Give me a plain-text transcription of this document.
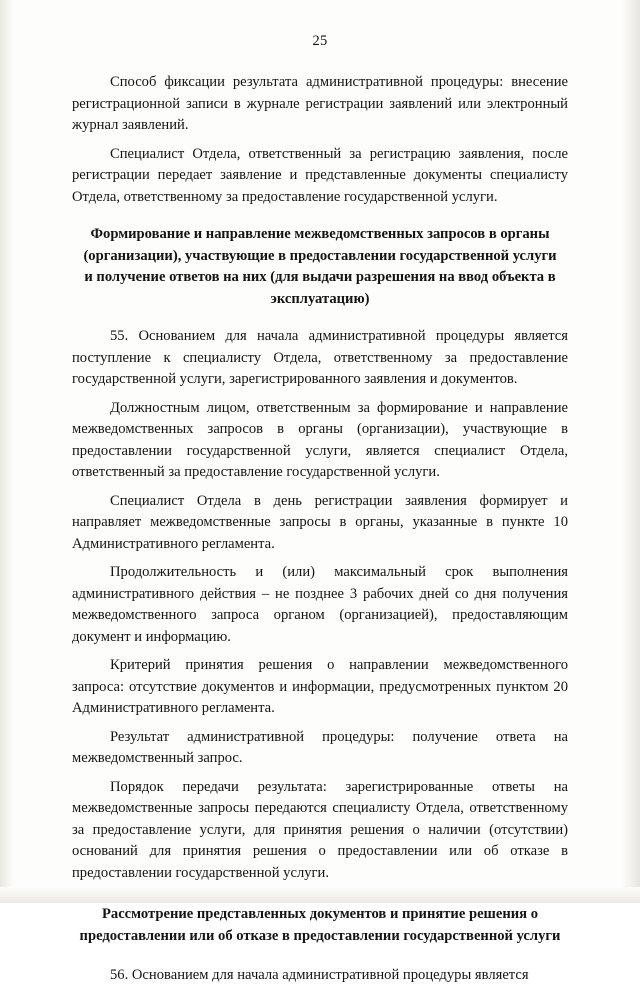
25

Способ фиксации результата административной процедуры: внесение регистрационной записи в журнале регистрации заявлений или электронный журнал заявлений.

Специалист Отдела, ответственный за регистрацию заявления, после регистрации передает заявление и представленные документы специалисту Отдела, ответственному за предоставление государственной услуги.

Формирование и направление межведомственных запросов в органы (организации), участвующие в предоставлении государственной услуги и получение ответов на них (для выдачи разрешения на ввод объекта в эксплуатацию)

55. Основанием для начала административной процедуры является поступление к специалисту Отдела, ответственному за предоставление государственной услуги, зарегистрированного заявления и документов.

Должностным лицом, ответственным за формирование и направление межведомственных запросов в органы (организации), участвующие в предоставлении государственной услуги, является специалист Отдела, ответственный за предоставление государственной услуги.

Специалист Отдела в день регистрации заявления формирует и направляет межведомственные запросы в органы, указанные в пункте 10 Административного регламента.

Продолжительность и (или) максимальный срок выполнения административного действия – не позднее 3 рабочих дней со дня получения межведомственного запроса органом (организацией), предоставляющим документ и информацию.

Критерий принятия решения о направлении межведомственного запроса: отсутствие документов и информации, предусмотренных пунктом 20 Административного регламента.

Результат административной процедуры: получение ответа на межведомственный запрос.

Порядок передачи результата: зарегистрированные ответы на межведомственные запросы передаются специалисту Отдела, ответственному за предоставление услуги, для принятия решения о наличии (отсутствии) оснований для принятия решения о предоставлении или об отказе в предоставлении государственной услуги.

Рассмотрение представленных документов и принятие решения о предоставлении или об отказе в предоставлении государственной услуги

56. Основанием для начала административной процедуры является
